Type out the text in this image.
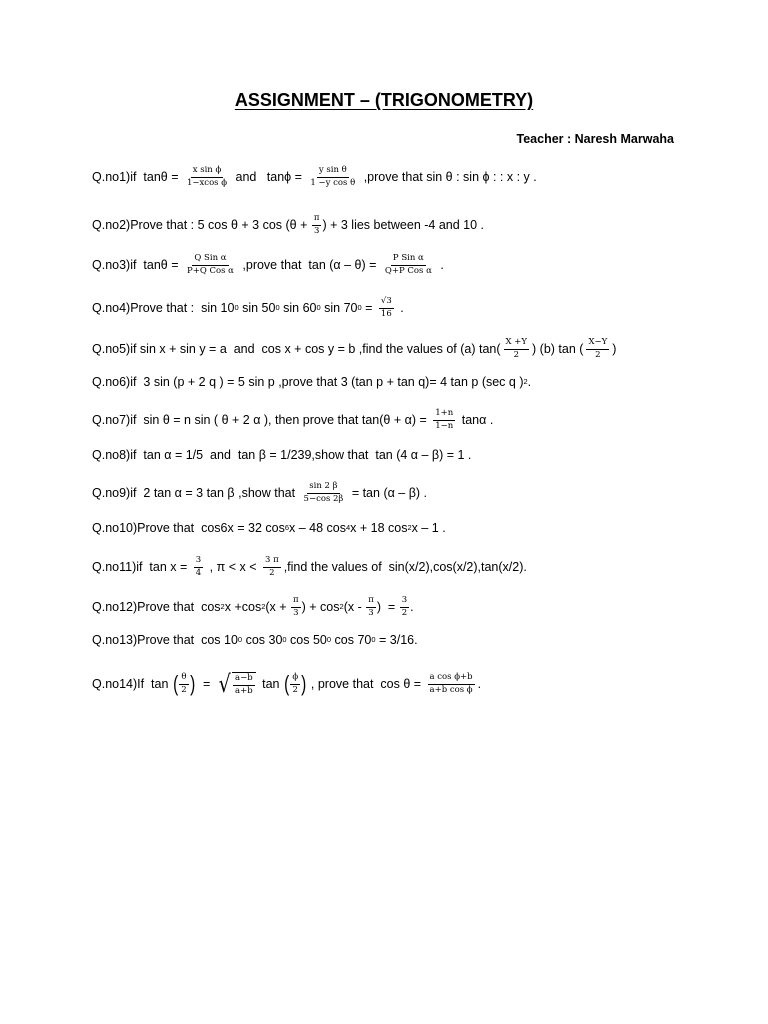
ASSIGNMENT – (TRIGONOMETRY)
Teacher : Naresh Marwaha
Q.no1)if  $\tan\theta = \frac{\text{x sin ϕ}}{\text{1−xcos ϕ}}$ and   $\tan\phi = \frac{\text{y sin θ}}{\text{1 −y cos θ}}$ ,prove that sin θ : sin ϕ : : x : y .
Q.no2)Prove that : 5 cos θ + 3 $\cos (\theta + \frac{\pi}{3}$ ) + 3 lies between -4 and 10 .
Q.no3)if  $\tan\theta = \frac{\text{Q Sin α}}{\text{P+Q Cos α}}$ ,prove that  $\tan (\alpha - \theta) = \frac{\text{P Sin α}}{\text{Q+P Cos α}}$ .
Q.no4)Prove that :  sin 10 0 sin 50 0 sin 60 0 sin 70 $0 = \frac{√3}{16}$ .
Q.no5)if sin x + sin y = a  and  cos x + cos y = b ,find the values of (a) $\tan( \frac{X +Y}{2}$ ) (b) tan ( $\frac{X-Y}{2}$ )
Q.no6)if  3 sin (p + 2 q ) = 5 sin p ,prove that 3 (tan p + tan q)= 4 tan p (sec q ) 2 .
Q.no7)if  sin θ = n sin ( θ + 2 α ), then prove that $\tan(\theta + \alpha) = \frac{1+n}{1-n}$ tanα .
Q.no8)if  tan α = 1/5  and  tan β = 1/239,show that  tan (4 α – β) = 1 .
Q.no9)if  2 tan α = 3 tan β ,show that $\frac{\sin 2 \beta}{5-\cos 2\beta} = \tan (\alpha - \beta)$ .
Q.no10)Prove that  cos6x = 32 cos 6 x – 48 cos 4 x + 18 cos 2 x – 1 .
Q.no11)if  $\tan x = \frac{3}{4}$ , $\pi < x < \frac{3 \pi}{2}$ ,find the values of  sin(x/2),cos(x/2),tan(x/2).
Q.no12)Prove that  cos 2 x +cos 2 ($x + \frac{\pi}{3}$ ) + cos 2 ($x - \frac{\pi}{3}$ )  = $\frac{3}{2}$ .
Q.no13)Prove that  cos 10 0 cos 30 0 cos 50 0 cos 70 0 = 3/16.
Q.no14)If  tan ( $\frac{\theta}{2}$ ) = √ $\frac{a-b}{a+b}$ tan ( $\frac{\phi}{2}$ ) , prove that  $\cos \theta = \frac{\text{a cos ϕ+b}}{\text{a+b cos ϕ}}$ .
